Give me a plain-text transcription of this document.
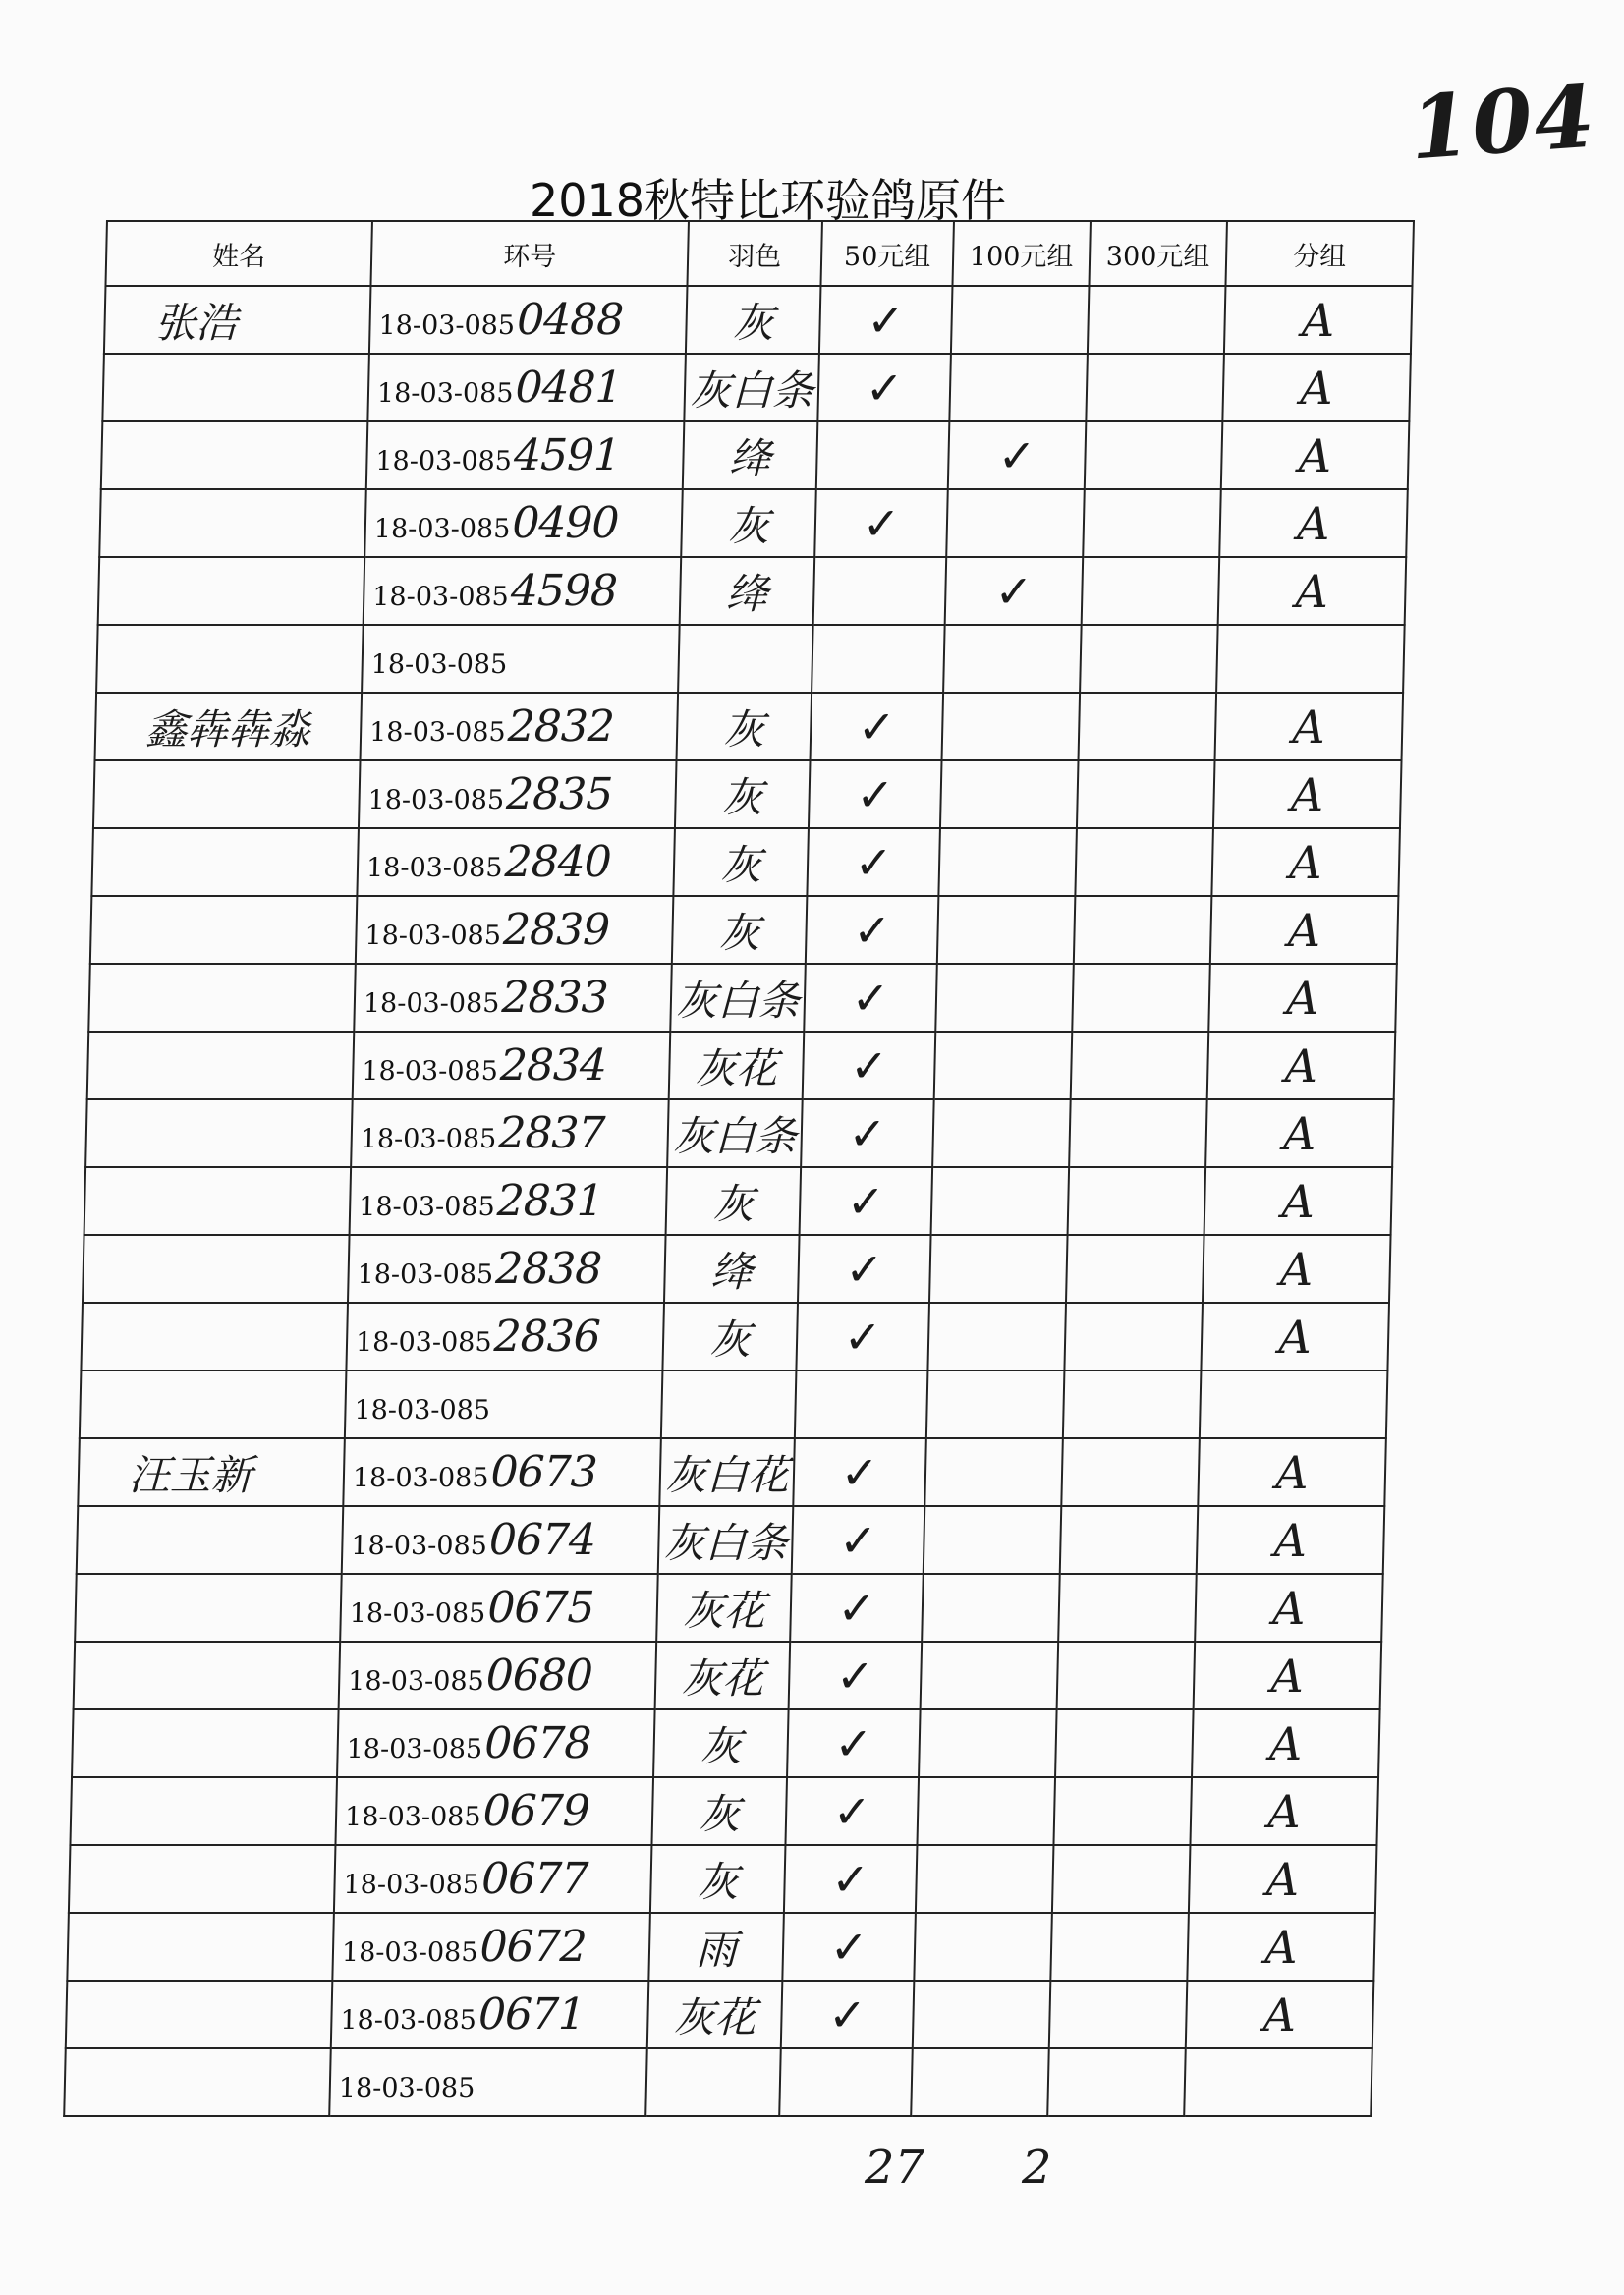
104
2018秋特比环验鸽原件
姓名	环号	羽色	50元组	100元组	300元组	分组
张浩	18-03-0850488	灰	✓			A
	18-03-0850481	灰白条	✓			A
	18-03-0854591	绛		✓		A
	18-03-0850490	灰	✓			A
	18-03-0854598	绛		✓		A
	18-03-085					
鑫犇犇淼	18-03-0852832	灰	✓			A
	18-03-0852835	灰	✓			A
	18-03-0852840	灰	✓			A
	18-03-0852839	灰	✓			A
	18-03-0852833	灰白条	✓			A
	18-03-0852834	灰花	✓			A
	18-03-0852837	灰白条	✓			A
	18-03-0852831	灰	✓			A
	18-03-0852838	绛	✓			A
	18-03-0852836	灰	✓			A
	18-03-085					
汪玉新	18-03-0850673	灰白花	✓			A
	18-03-0850674	灰白条	✓			A
	18-03-0850675	灰花	✓			A
	18-03-0850680	灰花	✓			A
	18-03-0850678	灰	✓			A
	18-03-0850679	灰	✓			A
	18-03-0850677	灰	✓			A
	18-03-0850672	雨	✓			A
	18-03-0850671	灰花	✓			A
	18-03-085					
27 2
